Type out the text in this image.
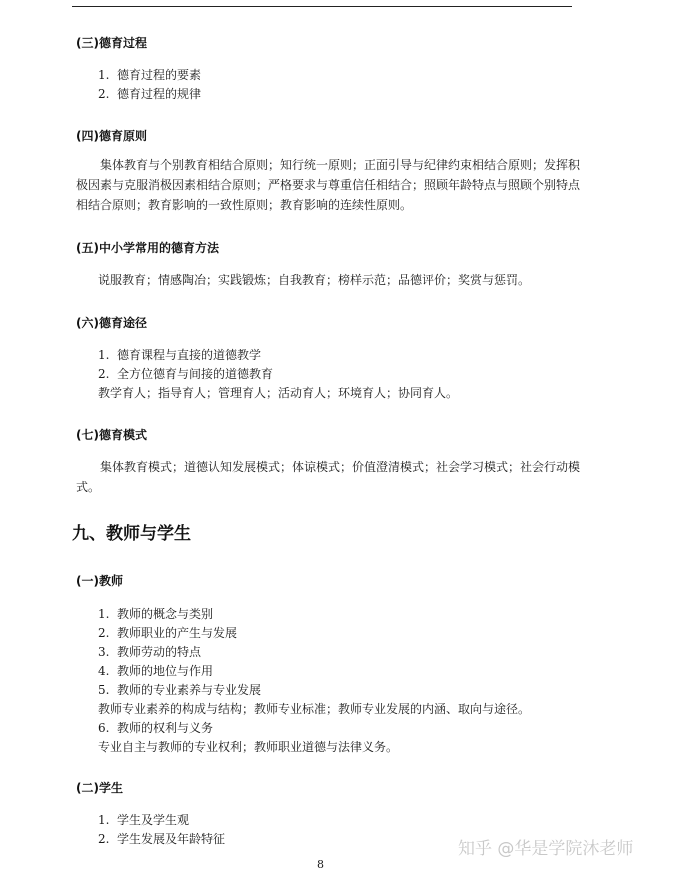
(三)德育过程
1. 德育过程的要素
2. 德育过程的规律
(四)德育原则
集体教育与个别教育相结合原则；知行统一原则；正面引导与纪律约束相结合原则；发挥积极因素与克服消极因素相结合原则；严格要求与尊重信任相结合；照顾年龄特点与照顾个别特点相结合原则；教育影响的一致性原则；教育影响的连续性原则。
(五)中小学常用的德育方法
说服教育；情感陶冶；实践锻炼；自我教育；榜样示范；品德评价；奖赏与惩罚。
(六)德育途径
1. 德育课程与直接的道德教学
2. 全方位德育与间接的道德教育
教学育人；指导育人；管理育人；活动育人；环境育人；协同育人。
(七)德育模式
集体教育模式；道德认知发展模式；体谅模式；价值澄清模式；社会学习模式；社会行动模式。
九、教师与学生
(一)教师
1. 教师的概念与类别
2. 教师职业的产生与发展
3. 教师劳动的特点
4. 教师的地位与作用
5. 教师的专业素养与专业发展
教师专业素养的构成与结构；教师专业标准；教师专业发展的内涵、取向与途径。
6. 教师的权利与义务
专业自主与教师的专业权利；教师职业道德与法律义务。
(二)学生
1. 学生及学生观
2. 学生发展及年龄特征	知乎 @华是学院沐老师
8
